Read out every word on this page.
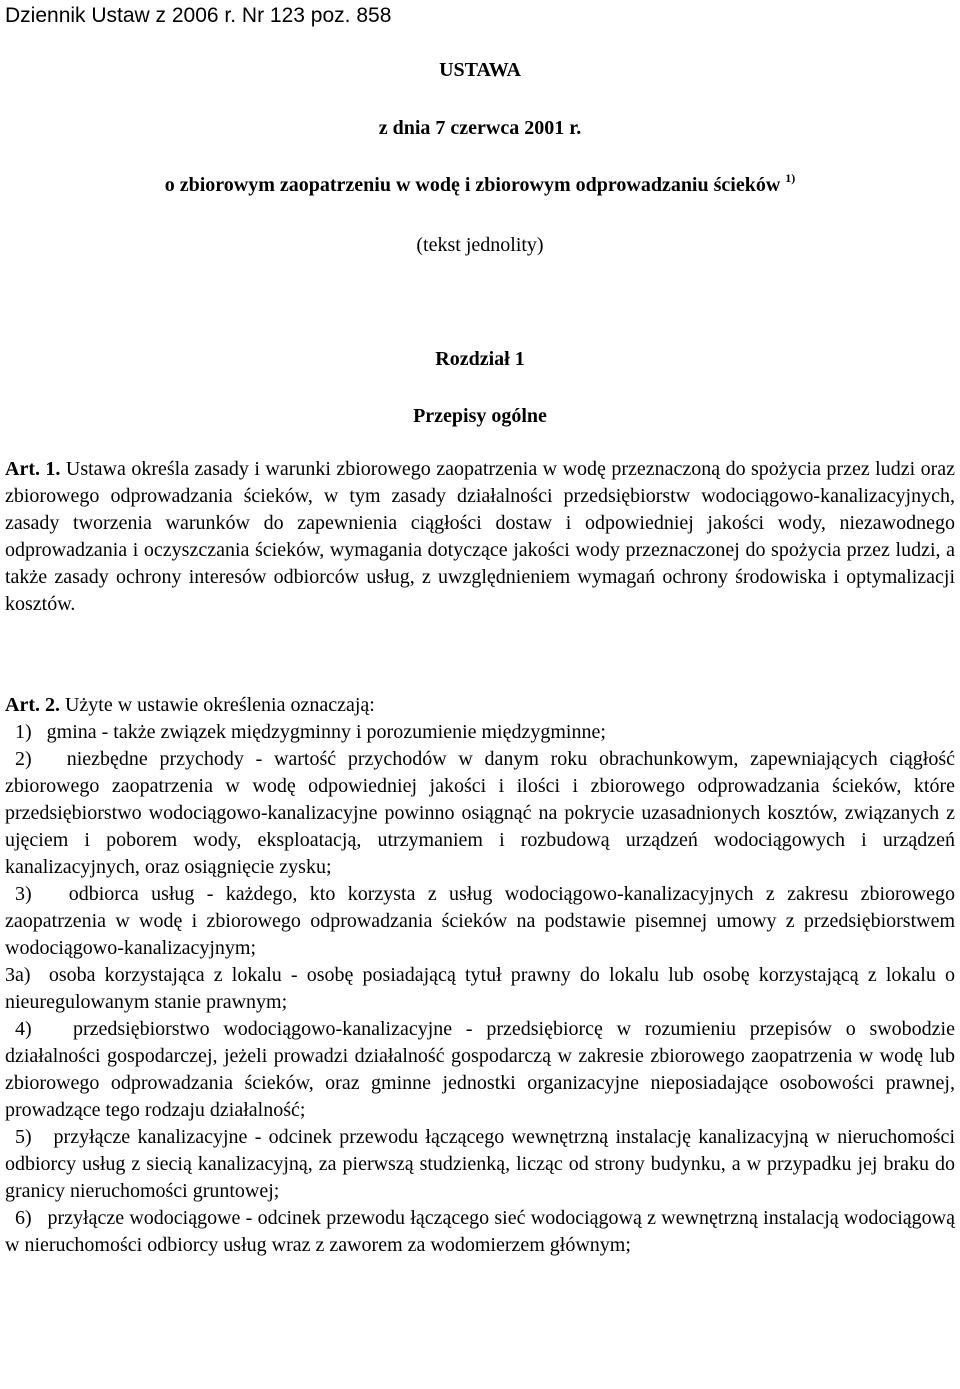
Dziennik Ustaw z 2006 r. Nr 123 poz. 858
USTAWA
z dnia 7 czerwca 2001 r.
o zbiorowym zaopatrzeniu w wodę i zbiorowym odprowadzaniu ścieków $^{1)}$
(tekst jednolity)
Rozdział 1
Przepisy ogólne

Art. 1. Ustawa określa zasady i warunki zbiorowego zaopatrzenia w wodę przeznaczoną do spożycia przez ludzi oraz zbiorowego odprowadzania ścieków, w tym zasady działalności przedsiębiorstw wodociągowo-kanalizacyjnych, zasady tworzenia warunków do zapewnienia ciągłości dostaw i odpowiedniej jakości wody, niezawodnego odprowadzania i oczyszczania ścieków, wymagania dotyczące jakości wody przeznaczonej do spożycia przez ludzi, a także zasady ochrony interesów odbiorców usług, z uwzględnieniem wymagań ochrony środowiska i optymalizacji kosztów.

Art. 2. Użyte w ustawie określenia oznaczają:

1)   gmina - także związek międzygminny i porozumienie międzygminne;

2)   niezbędne przychody - wartość przychodów w danym roku obrachunkowym, zapewniających ciągłość zbiorowego zaopatrzenia w wodę odpowiedniej jakości i ilości i zbiorowego odprowadzania ścieków, które przedsiębiorstwo wodociągowo-kanalizacyjne powinno osiągnąć na pokrycie uzasadnionych kosztów, związanych z ujęciem i poborem wody, eksploatacją, utrzymaniem i rozbudową urządzeń wodociągowych i urządzeń kanalizacyjnych, oraz osiągnięcie zysku;

3)   odbiorca usług - każdego, kto korzysta z usług wodociągowo-kanalizacyjnych z zakresu zbiorowego zaopatrzenia w wodę i zbiorowego odprowadzania ścieków na podstawie pisemnej umowy z przedsiębiorstwem wodociągowo-kanalizacyjnym;

3a)  osoba korzystająca z lokalu - osobę posiadającą tytuł prawny do lokalu lub osobę korzystającą z lokalu o nieuregulowanym stanie prawnym;

4)   przedsiębiorstwo wodociągowo-kanalizacyjne - przedsiębiorcę w rozumieniu przepisów o swobodzie działalności gospodarczej, jeżeli prowadzi działalność gospodarczą w zakresie zbiorowego zaopatrzenia w wodę lub zbiorowego odprowadzania ścieków, oraz gminne jednostki organizacyjne nieposiadające osobowości prawnej, prowadzące tego rodzaju działalność;

5)   przyłącze kanalizacyjne - odcinek przewodu łączącego wewnętrzną instalację kanalizacyjną w nieruchomości odbiorcy usług z siecią kanalizacyjną, za pierwszą studzienką, licząc od strony budynku, a w przypadku jej braku do granicy nieruchomości gruntowej;

6)   przyłącze wodociągowe - odcinek przewodu łączącego sieć wodociągową z wewnętrzną instalacją wodociągową w nieruchomości odbiorcy usług wraz z zaworem za wodomierzem głównym;
